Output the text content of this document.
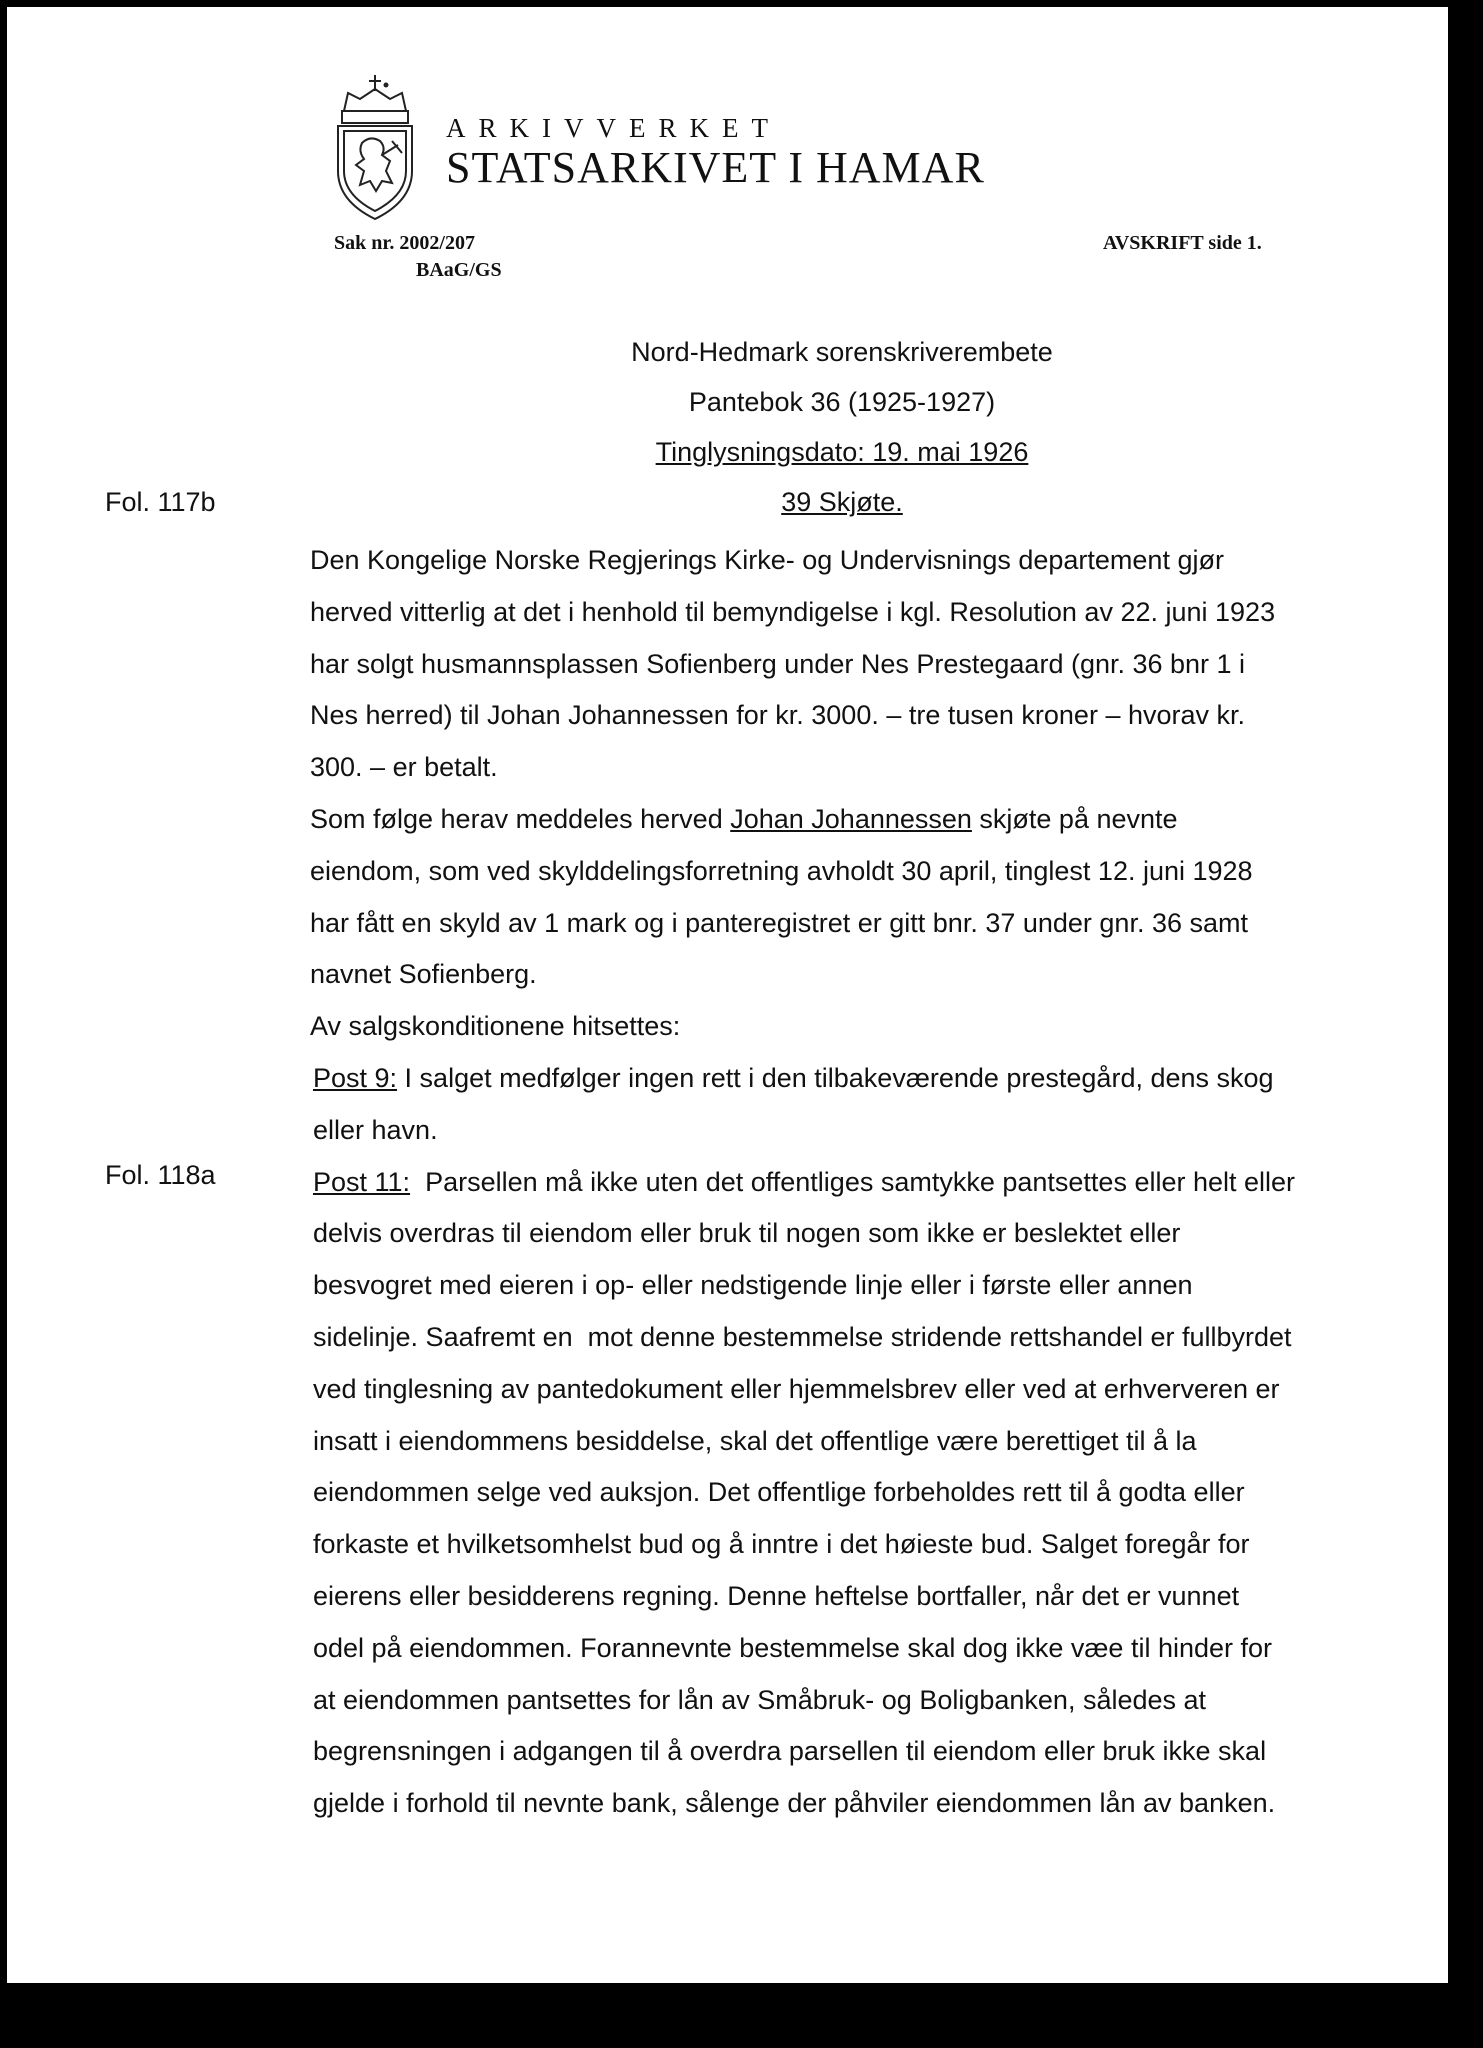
ARKIVVERKET
STATSARKIVET I HAMAR
Sak nr. 2002/207
BAaG/GS
AVSKRIFT side 1.
Nord-Hedmark sorenskriverembete
Pantebok 36 (1925-1927)
Tinglysningsdato: 19. mai 1926
39 Skjøte.
Fol. 117b
Fol. 118a

Den Kongelige Norske Regjerings Kirke- og Undervisnings departement gjør

herved vitterlig at det i henhold til bemyndigelse i kgl. Resolution av 22. juni 1923

har solgt husmannsplassen Sofienberg under Nes Prestegaard (gnr. 36 bnr 1 i

Nes herred) til Johan Johannessen for kr. 3000. – tre tusen kroner – hvorav kr.

300. – er betalt.

Som følge herav meddeles herved Johan Johannessen skjøte på nevnte

eiendom, som ved skylddelingsforretning avholdt 30 april, tinglest 12. juni 1928

har fått en skyld av 1 mark og i panteregistret er gitt bnr. 37 under gnr. 36 samt

navnet Sofienberg.

Av salgskonditionene hitsettes:

Post 9: I salget medfølger ingen rett i den tilbakeværende prestegård, dens skog

eller havn.

Post 11:  Parsellen må ikke uten det offentliges samtykke pantsettes eller helt eller

delvis overdras til eiendom eller bruk til nogen som ikke er beslektet eller

besvogret med eieren i op- eller nedstigende linje eller i første eller annen

sidelinje. Saafremt en  mot denne bestemmelse stridende rettshandel er fullbyrdet

ved tinglesning av pantedokument eller hjemmelsbrev eller ved at erhververen er

insatt i eiendommens besiddelse, skal det offentlige være berettiget til å la

eiendommen selge ved auksjon. Det offentlige forbeholdes rett til å godta eller

forkaste et hvilketsomhelst bud og å inntre i det høieste bud. Salget foregår for

eierens eller besidderens regning. Denne heftelse bortfaller, når det er vunnet

odel på eiendommen. Forannevnte bestemmelse skal dog ikke væe til hinder for

at eiendommen pantsettes for lån av Småbruk- og Boligbanken, således at

begrensningen i adgangen til å overdra parsellen til eiendom eller bruk ikke skal

gjelde i forhold til nevnte bank, sålenge der påhviler eiendommen lån av banken.
